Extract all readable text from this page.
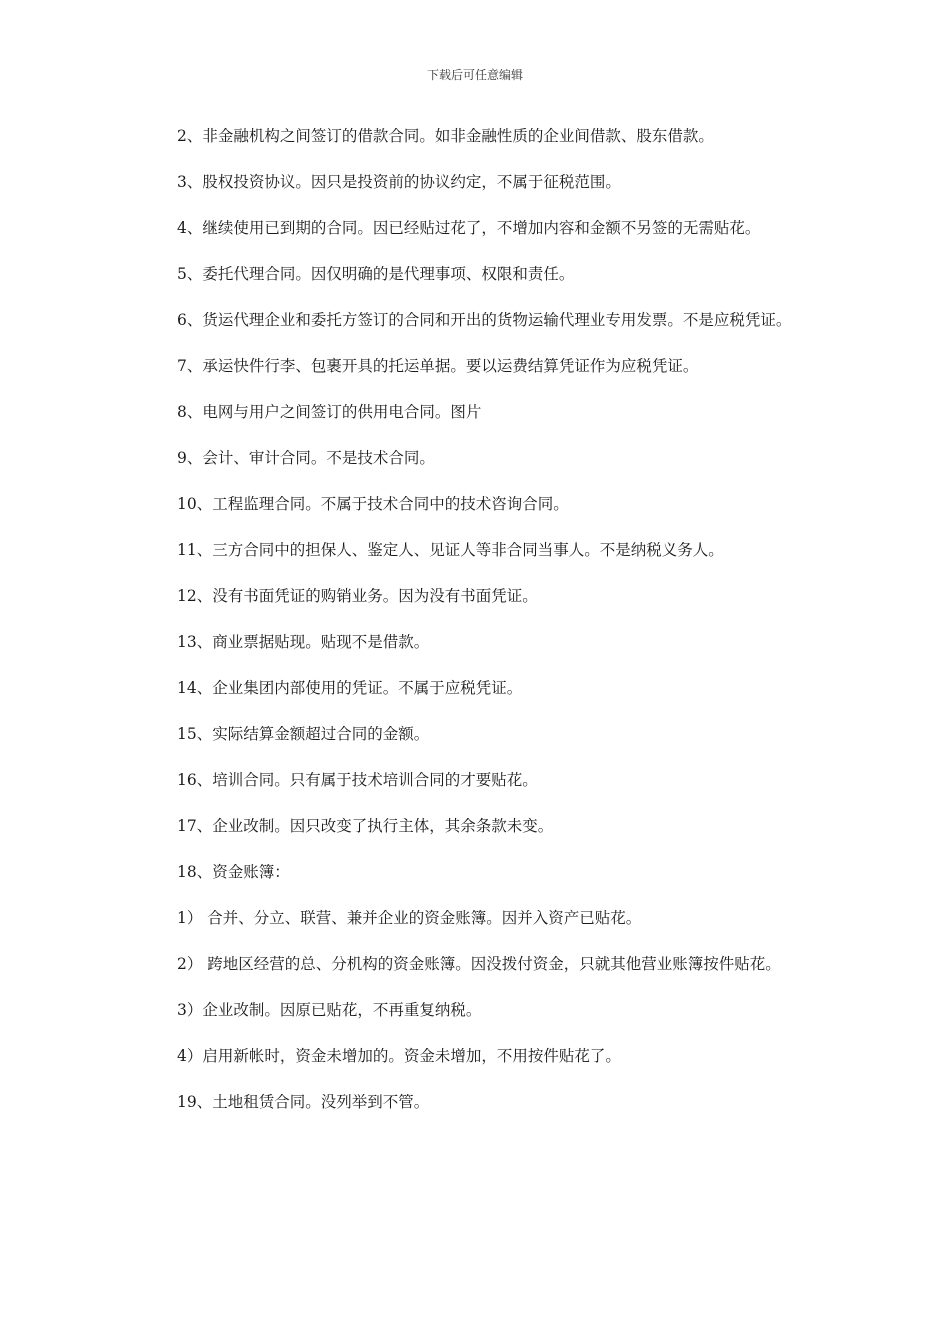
下载后可任意编辑

2、非金融机构之间签订的借款合同。如非金融性质的企业间借款、股东借款。

3、股权投资协议。因只是投资前的协议约定，不属于征税范围。

4、继续使用已到期的合同。因已经贴过花了，不增加内容和金额不另签的无需贴花。

5、委托代理合同。因仅明确的是代理事项、权限和责任。

6、货运代理企业和委托方签订的合同和开出的货物运输代理业专用发票。不是应税凭证。

7、承运快件行李、包裹开具的托运单据。要以运费结算凭证作为应税凭证。

8、电网与用户之间签订的供用电合同。图片

9、会计、审计合同。不是技术合同。

10、工程监理合同。不属于技术合同中的技术咨询合同。

11、三方合同中的担保人、鉴定人、见证人等非合同当事人。不是纳税义务人。

12、没有书面凭证的购销业务。因为没有书面凭证。

13、商业票据贴现。贴现不是借款。

14、企业集团内部使用的凭证。不属于应税凭证。

15、实际结算金额超过合同的金额。

16、培训合同。只有属于技术培训合同的才要贴花。

17、企业改制。因只改变了执行主体，其余条款未变。

18、资金账簿：

1） 合并、分立、联营、兼并企业的资金账簿。因并入资产已贴花。

2） 跨地区经营的总、分机构的资金账簿。因没拨付资金，只就其他营业账簿按件贴花。

3）企业改制。因原已贴花，不再重复纳税。

4）启用新帐时，资金未增加的。资金未增加，不用按件贴花了。

19、土地租赁合同。没列举到不管。
